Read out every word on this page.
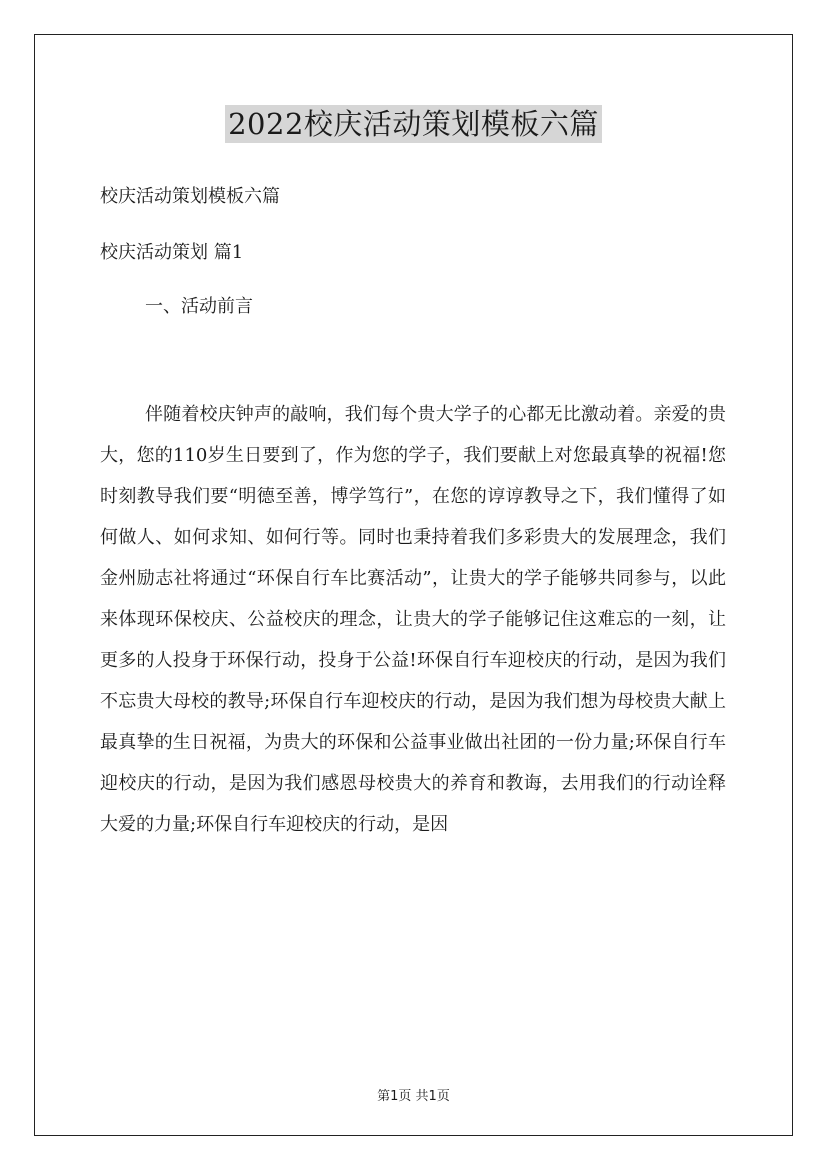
2022校庆活动策划模板六篇
校庆活动策划模板六篇
校庆活动策划 篇1
一、活动前言

伴随着校庆钟声的敲响，我们每个贵大学子的心都无比激动着。亲爱的贵大，您的110岁生日要到了，作为您的学子，我们要献上对您最真挚的祝福!您时刻教导我们要“明德至善，博学笃行”，在您的谆谆教导之下，我们懂得了如何做人、如何求知、如何行等。同时也秉持着我们多彩贵大的发展理念，我们金州励志社将通过“环保自行车比赛活动”，让贵大的学子能够共同参与，以此来体现环保校庆、公益校庆的理念，让贵大的学子能够记住这难忘的一刻，让更多的人投身于环保行动，投身于公益!环保自行车迎校庆的行动，是因为我们不忘贵大母校的教导;环保自行车迎校庆的行动，是因为我们想为母校贵大献上最真挚的生日祝福，为贵大的环保和公益事业做出社团的一份力量;环保自行车迎校庆的行动，是因为我们感恩母校贵大的养育和教诲，去用我们的行动诠释大爱的力量;环保自行车迎校庆的行动，是因

第1页 共1页
